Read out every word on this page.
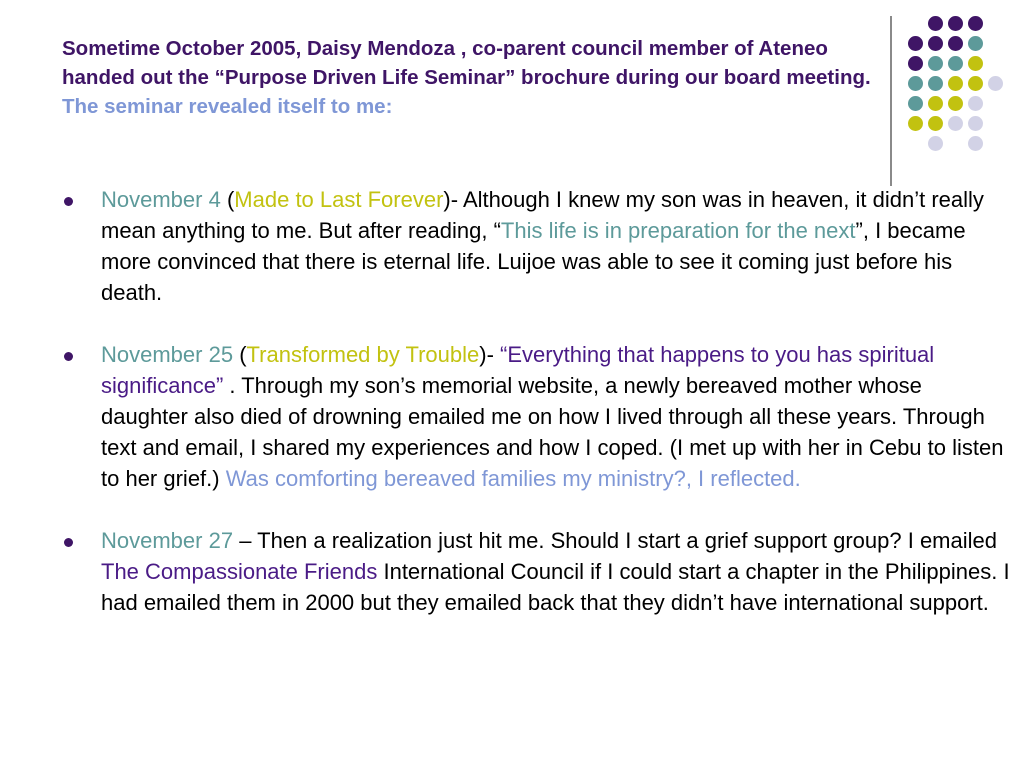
Sometime October 2005, Daisy Mendoza , co-parent council member of Ateneo handed out the “Purpose Driven Life Seminar” brochure during our board meeting. The seminar revealed itself to me:
November 4 (Made to Last Forever)- Although I knew my son was in heaven, it didn’t really mean anything to me. But after reading, “This life is in preparation for the next”, I became more convinced that there is eternal life. Luijoe was able to see it coming just before his death.
November 25 (Transformed by Trouble)- “Everything that happens to you has spiritual significance” . Through my son’s memorial website, a newly bereaved mother whose daughter also died of drowning emailed me on how I lived through all these years. Through text and email, I shared my experiences and how I coped. (I met up with her in Cebu to listen to her grief.) Was comforting bereaved families my ministry?, I reflected.
November 27 – Then a realization just hit me. Should I start a grief support group? I emailed The Compassionate Friends International Council if I could start a chapter in the Philippines. I had emailed them in 2000 but they emailed back that they didn’t have international support.
